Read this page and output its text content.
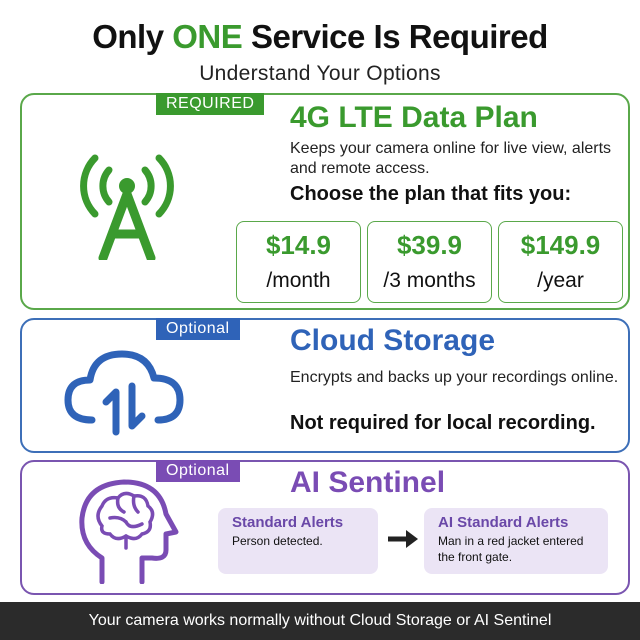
Only ONE Service Is Required
Understand Your Options
REQUIRED	4G LTE Data Plan
Keeps your camera online for live view, alerts and remote access.
Choose the plan that fits you:
$14.9
/month
$39.9
/3 months
$149.9
/year
Optional	Cloud Storage
Encrypts and backs up your recordings online.
Not required for local recording.
Optional	AI Sentinel
Standard Alerts
Person detected.
AI Standard Alerts
Man in a red jacket entered the front gate.
Your camera works normally without Cloud Storage or AI Sentinel
